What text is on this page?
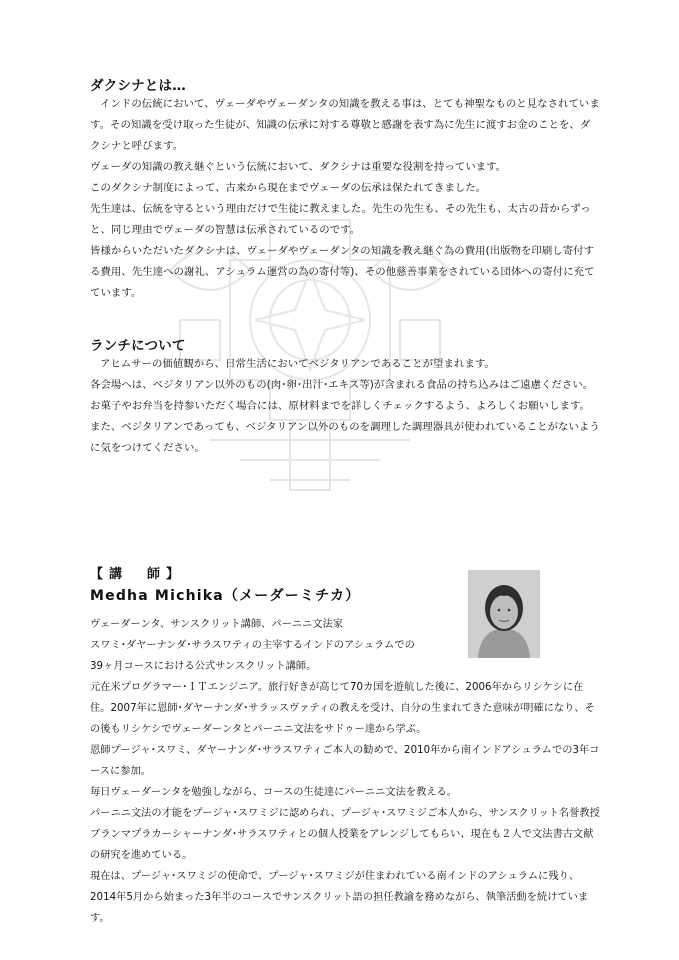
ダクシナとは…

インドの伝統において、ヴェーダやヴェーダンタの知識を教える事は、とても神聖なものと見なされています。その知識を受け取った生徒が、知識の伝承に対する尊敬と感謝を表す為に先生に渡すお金のことを、ダクシナと呼びます。

ヴェーダの知識の教え継ぐという伝統において、ダクシナは重要な役割を持っています。

このダクシナ制度によって、古来から現在までヴェーダの伝承は保たれてきました。

先生達は、伝統を守るという理由だけで生徒に教えました。先生の先生も、その先生も、太古の昔からずっと、同じ理由でヴェーダの智慧は伝承されているのです。

皆様からいただいたダクシナは、ヴェーダやヴェーダンタの知識を教え継ぐ為の費用(出版物を印刷し寄付する費用、先生達への謝礼、アシュラム運営の為の寄付等)、その他慈善事業をされている団体への寄付に充てています。

ランチについて

アヒムサーの価値観から、日常生活においてベジタリアンであることが望まれます。

各会場へは、ベジタリアン以外のもの(肉･卵･出汁･エキス等)が含まれる食品の持ち込みはご遠慮ください。お菓子やお弁当を持参いただく場合には、原材料までを詳しくチェックするよう、よろしくお願いします。

また、ベジタリアンであっても、ベジタリアン以外のものを調理した調理器具が使われていることがないように気をつけてください。

【講　師】

Medha Michika（メーダーミチカ）

ヴェーダーンタ、サンスクリット講師、パーニニ文法家

スワミ･ダヤーナンダ･サラスワティの主宰するインドのアシュラムでの

39ヶ月コースにおける公式サンスクリット講師。

元在米プログラマー･ＩＴエンジニア。旅行好きが高じて70カ国を遊航した後に、2006年からリシケシに在住。2007年に恩師･ダヤーナンダ･サラッスヴァティの教えを受け、自分の生まれてきた意味が明確になり、その後もリシケシでヴェーダーンタとパーニニ文法をサドゥー達から学ぶ。

恩師プージャ･スワミ、ダヤーナンダ･サラスワティご本人の勧めで、2010年から南インドアシュラムでの3年コースに参加。

毎日ヴェーダーンタを勉強しながら、コースの生徒達にパーニニ文法を教える。

パーニニ文法の才能をプージャ･スワミジに認められ、プージャ･スワミジご本人から、サンスクリット名誉教授ブランマプラカーシャーナンダ･サラスワティとの個人授業をアレンジしてもらい、現在も２人で文法書古文献の研究を進めている。

現在は、プージャ･スワミジの使命で、プージャ･スワミジが住まわれている南インドのアシュラムに残り、2014年5月から始まった3年半のコースでサンスクリット語の担任教諭を務めながら、執筆活動を続けています。
